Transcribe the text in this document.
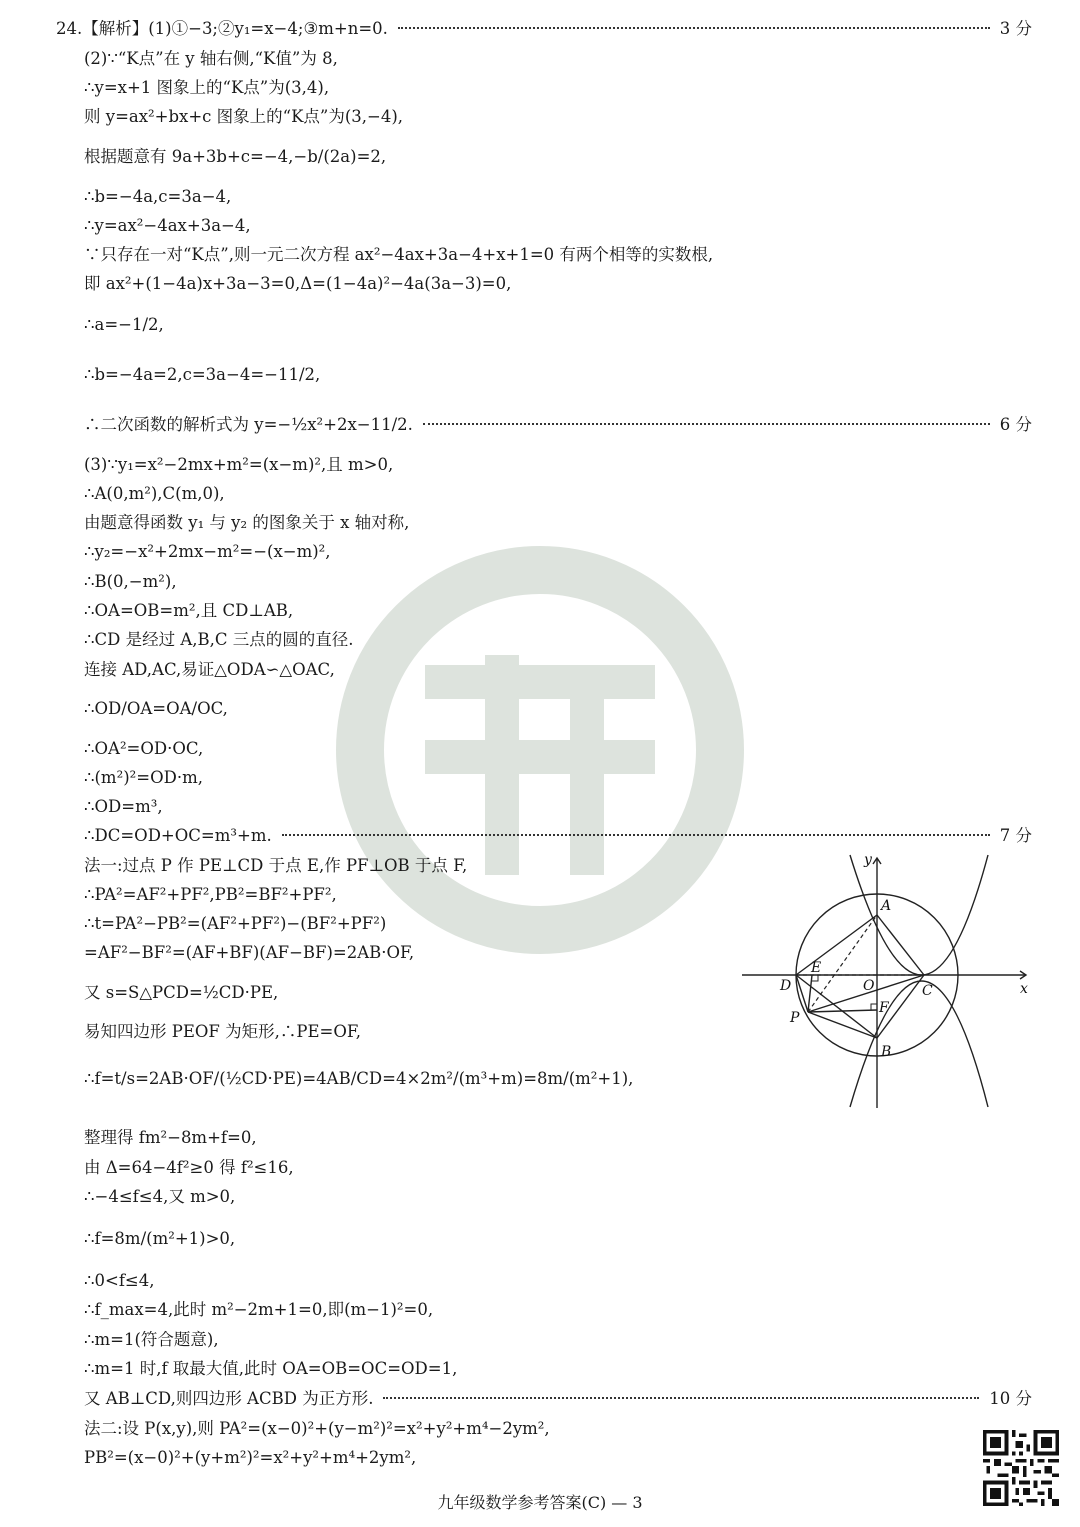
24.【解析】(1)①−3;②y₁=x−4;③m+n=0.	3 分
(2)∵“K点”在 y 轴右侧,“K值”为 8,
∴y=x+1 图象上的“K点”为(3,4),
则 y=ax²+bx+c 图象上的“K点”为(3,−4),
根据题意有 9a+3b+c=−4,−b/(2a)=2,
∴b=−4a,c=3a−4,
∴y=ax²−4ax+3a−4,
∵只存在一对“K点”,则一元二次方程 ax²−4ax+3a−4+x+1=0 有两个相等的实数根,
即 ax²+(1−4a)x+3a−3=0,Δ=(1−4a)²−4a(3a−3)=0,
∴a=−1/2,
∴b=−4a=2,c=3a−4=−11/2,
∴二次函数的解析式为 y=−½x²+2x−11/2.	6 分
(3)∵y₁=x²−2mx+m²=(x−m)²,且 m>0,
∴A(0,m²),C(m,0),
由题意得函数 y₁ 与 y₂ 的图象关于 x 轴对称,
∴y₂=−x²+2mx−m²=−(x−m)²,
∴B(0,−m²),
∴OA=OB=m²,且 CD⊥AB,
∴CD 是经过 A,B,C 三点的圆的直径.
连接 AD,AC,易证△ODA∽△OAC,
∴OD/OA=OA/OC,
∴OA²=OD·OC,
∴(m²)²=OD·m,
∴OD=m³,
∴DC=OD+OC=m³+m.	7 分
法一:过点 P 作 PE⊥CD 于点 E,作 PF⊥OB 于点 F,
∴PA²=AF²+PF²,PB²=BF²+PF²,
∴t=PA²−PB²=(AF²+PF²)−(BF²+PF²)
=AF²−BF²=(AF+BF)(AF−BF)=2AB·OF,
又 s=S△PCD=½CD·PE,
易知四边形 PEOF 为矩形,∴PE=OF,
∴f=t/s=2AB·OF/(½CD·PE)=4AB/CD=4×2m²/(m³+m)=8m/(m²+1),
整理得 fm²−8m+f=0,
由 Δ=64−4f²≥0 得 f²≤16,
∴−4≤f≤4,又 m>0,
∴f=8m/(m²+1)>0,
∴0<f≤4,
∴f_max=4,此时 m²−2m+1=0,即(m−1)²=0,
∴m=1(符合题意),
∴m=1 时,f 取最大值,此时 OA=OB=OC=OD=1,
又 AB⊥CD,则四边形 ACBD 为正方形.	10 分
法二:设 P(x,y),则 PA²=(x−0)²+(y−m²)²=x²+y²+m⁴−2ym²,
PB²=(x−0)²+(y+m²)²=x²+y²+m⁴+2ym²,
A
B
C
D
E
F
O
P
x
y
九年级数学参考答案(C) — 3
